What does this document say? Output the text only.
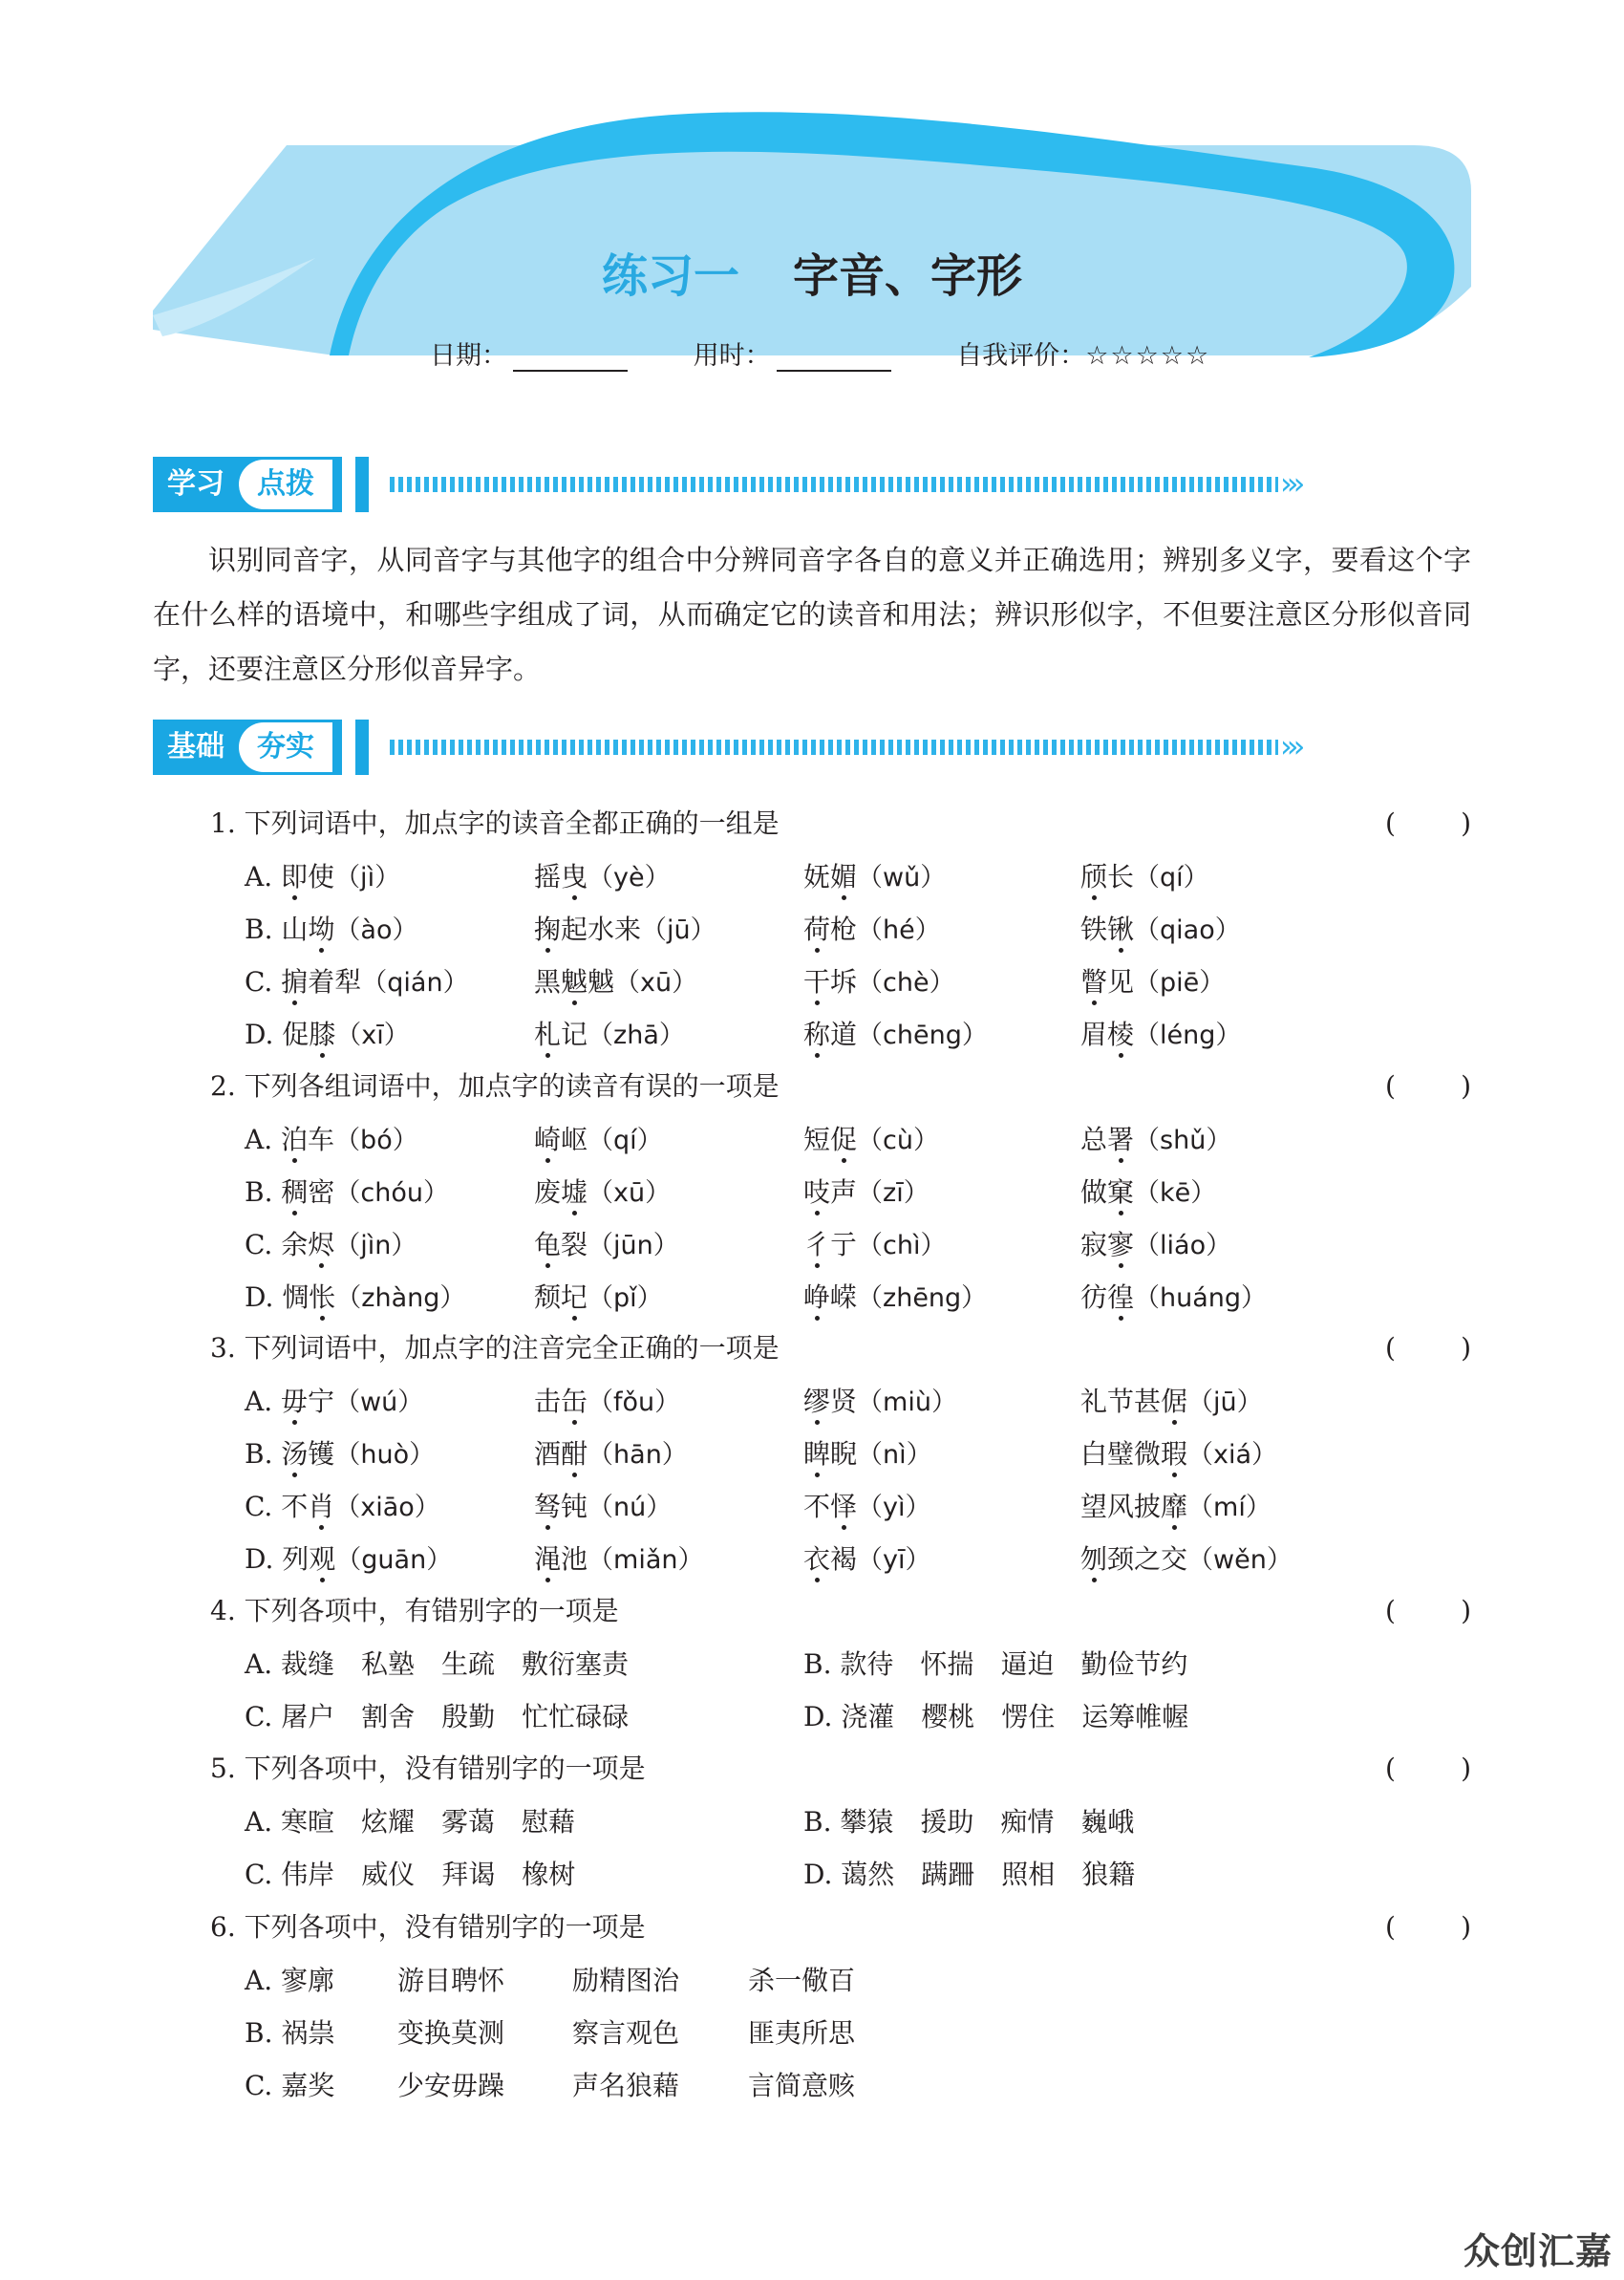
练习一 字音、字形
日期：	用时：	自我评价：☆☆☆☆☆
学习	点拨	›››
识别同音字，从同音字与其他字的组合中分辨同音字各自的意义并正确选用；辨别多义字，要看这个字在什么样的语境中，和哪些字组成了词，从而确定它的读音和用法；辨识形似字，不但要注意区分形似音同字，还要注意区分形似音异字。
基础	夯实	›››
1. 下列词语中，加点字的读音全都正确的一组是	( )
A. 即使（jì）	摇曳（yè）	妩媚（wǔ）	颀长（qí）
B. 山坳（ào）	掬起水来（jū）	荷枪（hé）	铁锹（qiao）
C. 掮着犁（qián） 黑魆魆（xū）	干坼（chè）	瞥见（piē）
D. 促膝（xī）	札记（zhā）	称道（chēng）	眉棱（léng）
2. 下列各组词语中，加点字的读音有误的一项是	( )
A. 泊车（bó）	崎岖（qí）	短促（cù）	总署（shǔ）
B. 稠密（chóu）	废墟（xū）	吱声（zī）	做窠（kē）
C. 余烬（jìn）	龟裂（jūn）	彳亍（chì）	寂寥（liáo）
D. 惆怅（zhàng）	颓圮（pǐ）	峥嵘（zhēng）	彷徨（huáng）
3. 下列词语中，加点字的注音完全正确的一项是	( )
A. 毋宁（wú）	击缶（fǒu）	缪贤（miù）	礼节甚倨（jū）
B. 汤镬（huò）	酒酣（hān）	睥睨（nì）	白璧微瑕（xiá）
C. 不肖（xiāo）	驽钝（nú）	不怿（yì）	望风披靡（mí）
D. 列观（guān）	渑池（miǎn）	衣褐（yī）	刎颈之交（wěn）
4. 下列各项中，有错别字的一项是	( )
A. 裁缝　私塾　生疏　敷衍塞责	B. 款待　怀揣　逼迫　勤俭节约
C. 屠户　割舍　殷勤　忙忙碌碌	D. 浇灌　樱桃　愣住　运筹帷幄
5. 下列各项中，没有错别字的一项是	( )
A. 寒暄　炫耀　雾蔼　慰藉	B. 攀猿　援助　痴情　巍峨
C. 伟岸　威仪　拜谒　橡树	D. 蔼然　蹒跚　照相　狼籍
6. 下列各项中，没有错别字的一项是	( )
A. 寥廓 游目聘怀	励精图治	杀一儆百
B. 祸祟 变换莫测	察言观色	匪夷所思
C. 嘉奖 少安毋躁	声名狼藉	言简意赅
众创汇嘉
